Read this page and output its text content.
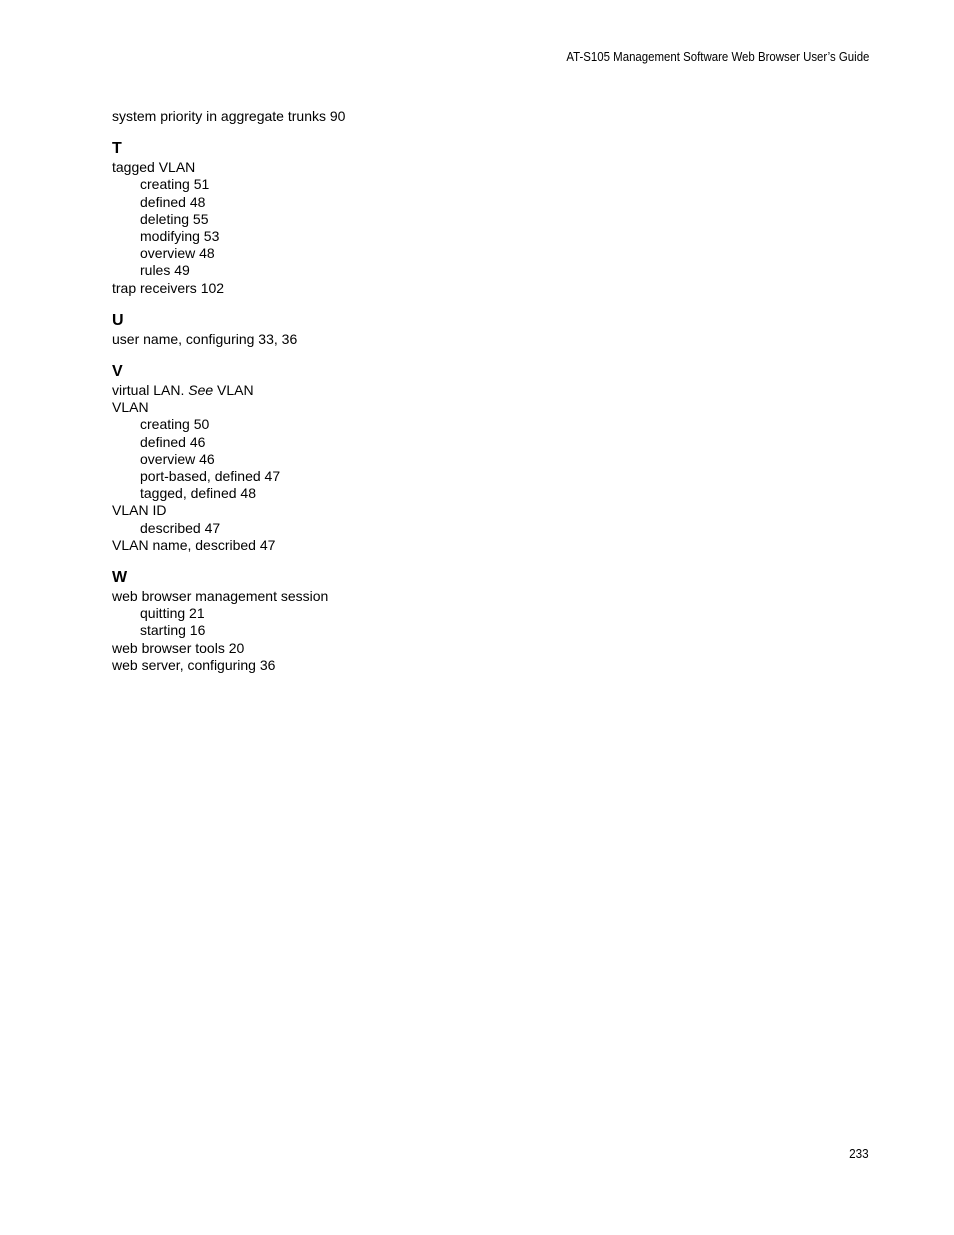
AT-S105 Management Software Web Browser User’s Guide
system priority in aggregate trunks 90
T
tagged VLAN
creating 51
defined 48
deleting 55
modifying 53
overview 48
rules 49
trap receivers 102
U
user name, configuring 33, 36
V
virtual LAN. See VLAN
VLAN
creating 50
defined 46
overview 46
port-based, defined 47
tagged, defined 48
VLAN ID
described 47
VLAN name, described 47
W
web browser management session
quitting 21
starting 16
web browser tools 20
web server, configuring 36
233
